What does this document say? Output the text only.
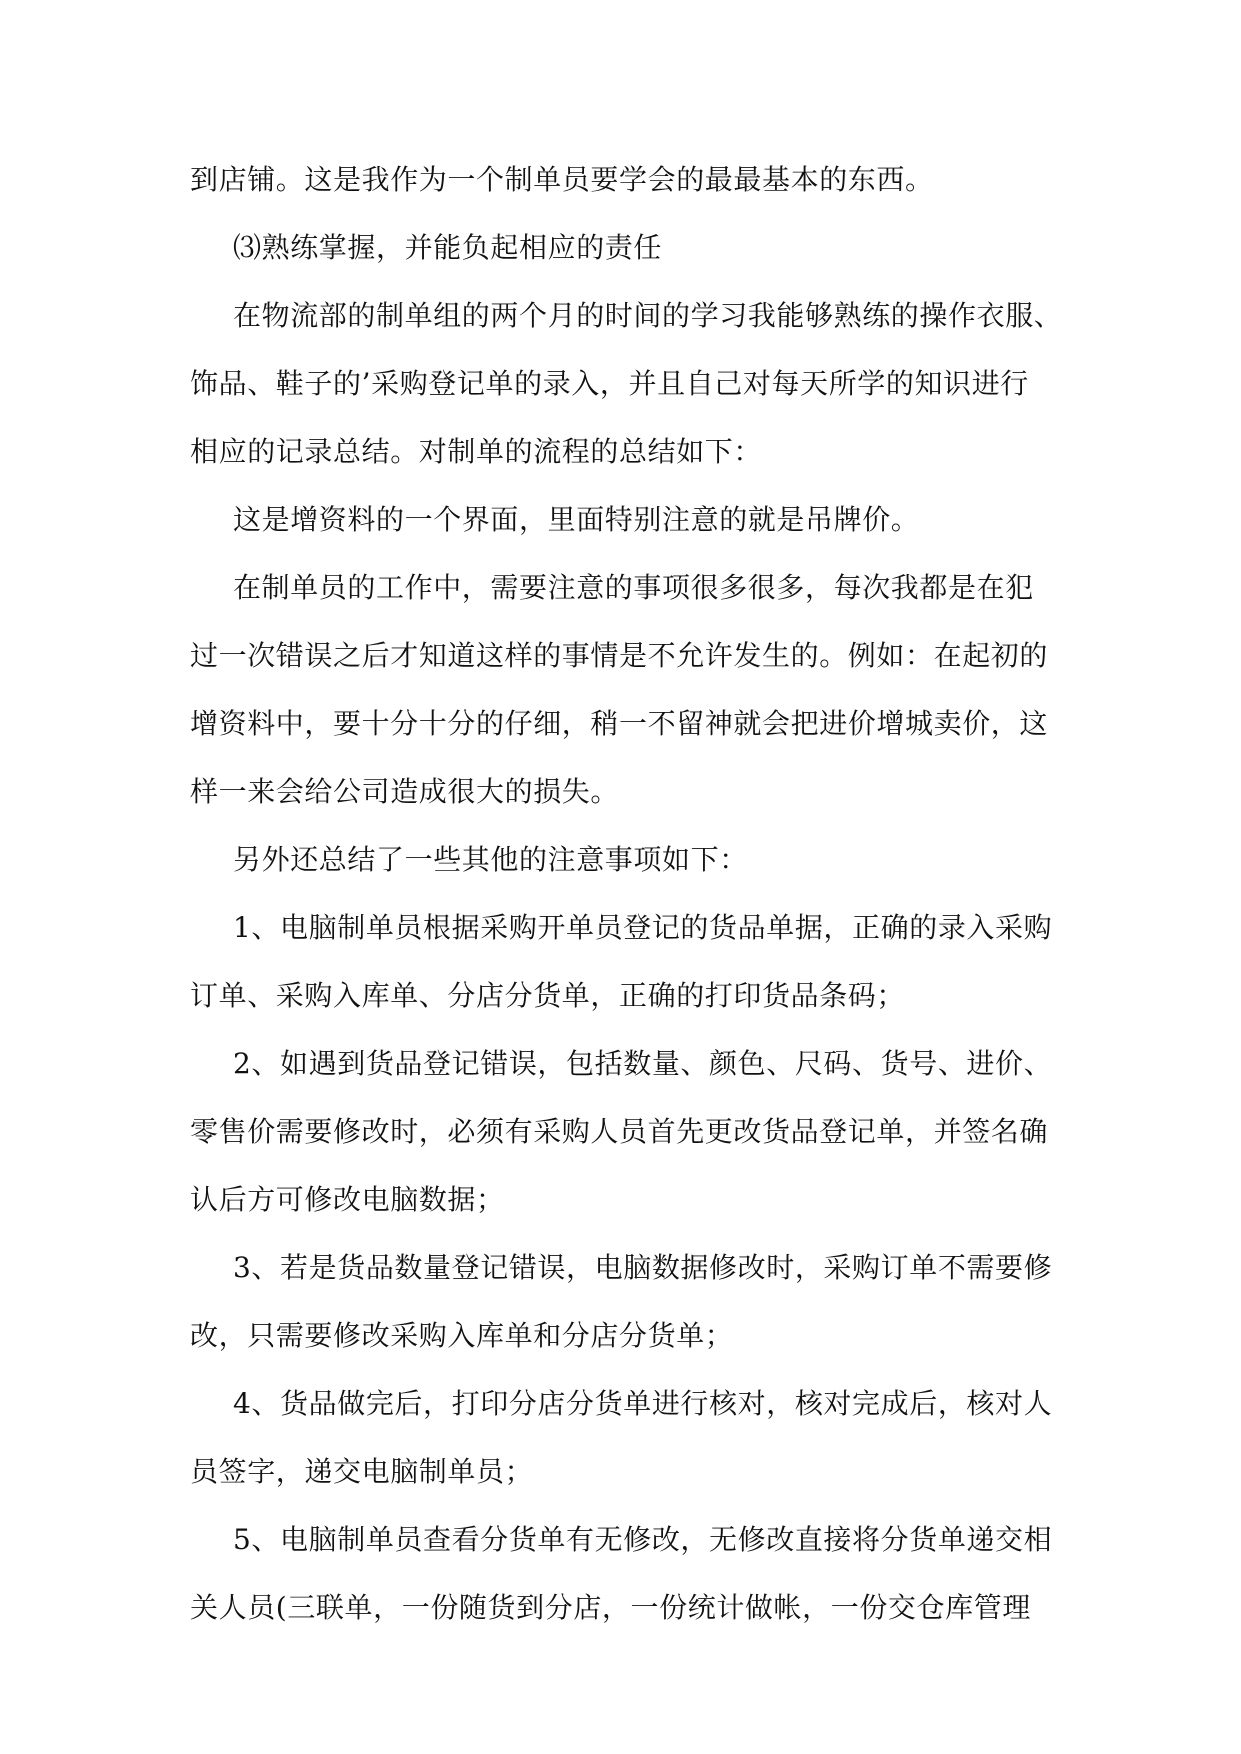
到店铺。这是我作为一个制单员要学会的最最基本的东西。
⑶熟练掌握，并能负起相应的责任
在物流部的制单组的两个月的时间的学习我能够熟练的操作衣服、
饰品、鞋子的’采购登记单的录入，并且自己对每天所学的知识进行
相应的记录总结。对制单的流程的总结如下：
这是增资料的一个界面，里面特别注意的就是吊牌价。
在制单员的工作中，需要注意的事项很多很多，每次我都是在犯
过一次错误之后才知道这样的事情是不允许发生的。例如：在起初的
增资料中，要十分十分的仔细，稍一不留神就会把进价增城卖价，这
样一来会给公司造成很大的损失。
另外还总结了一些其他的注意事项如下：
1、电脑制单员根据采购开单员登记的货品单据，正确的录入采购
订单、采购入库单、分店分货单，正确的打印货品条码；
2、如遇到货品登记错误，包括数量、颜色、尺码、货号、进价、
零售价需要修改时，必须有采购人员首先更改货品登记单，并签名确
认后方可修改电脑数据；
3、若是货品数量登记错误，电脑数据修改时，采购订单不需要修
改，只需要修改采购入库单和分店分货单；
4、货品做完后，打印分店分货单进行核对，核对完成后，核对人
员签字，递交电脑制单员；
5、电脑制单员查看分货单有无修改，无修改直接将分货单递交相
关人员(三联单，一份随货到分店，一份统计做帐，一份交仓库管理
